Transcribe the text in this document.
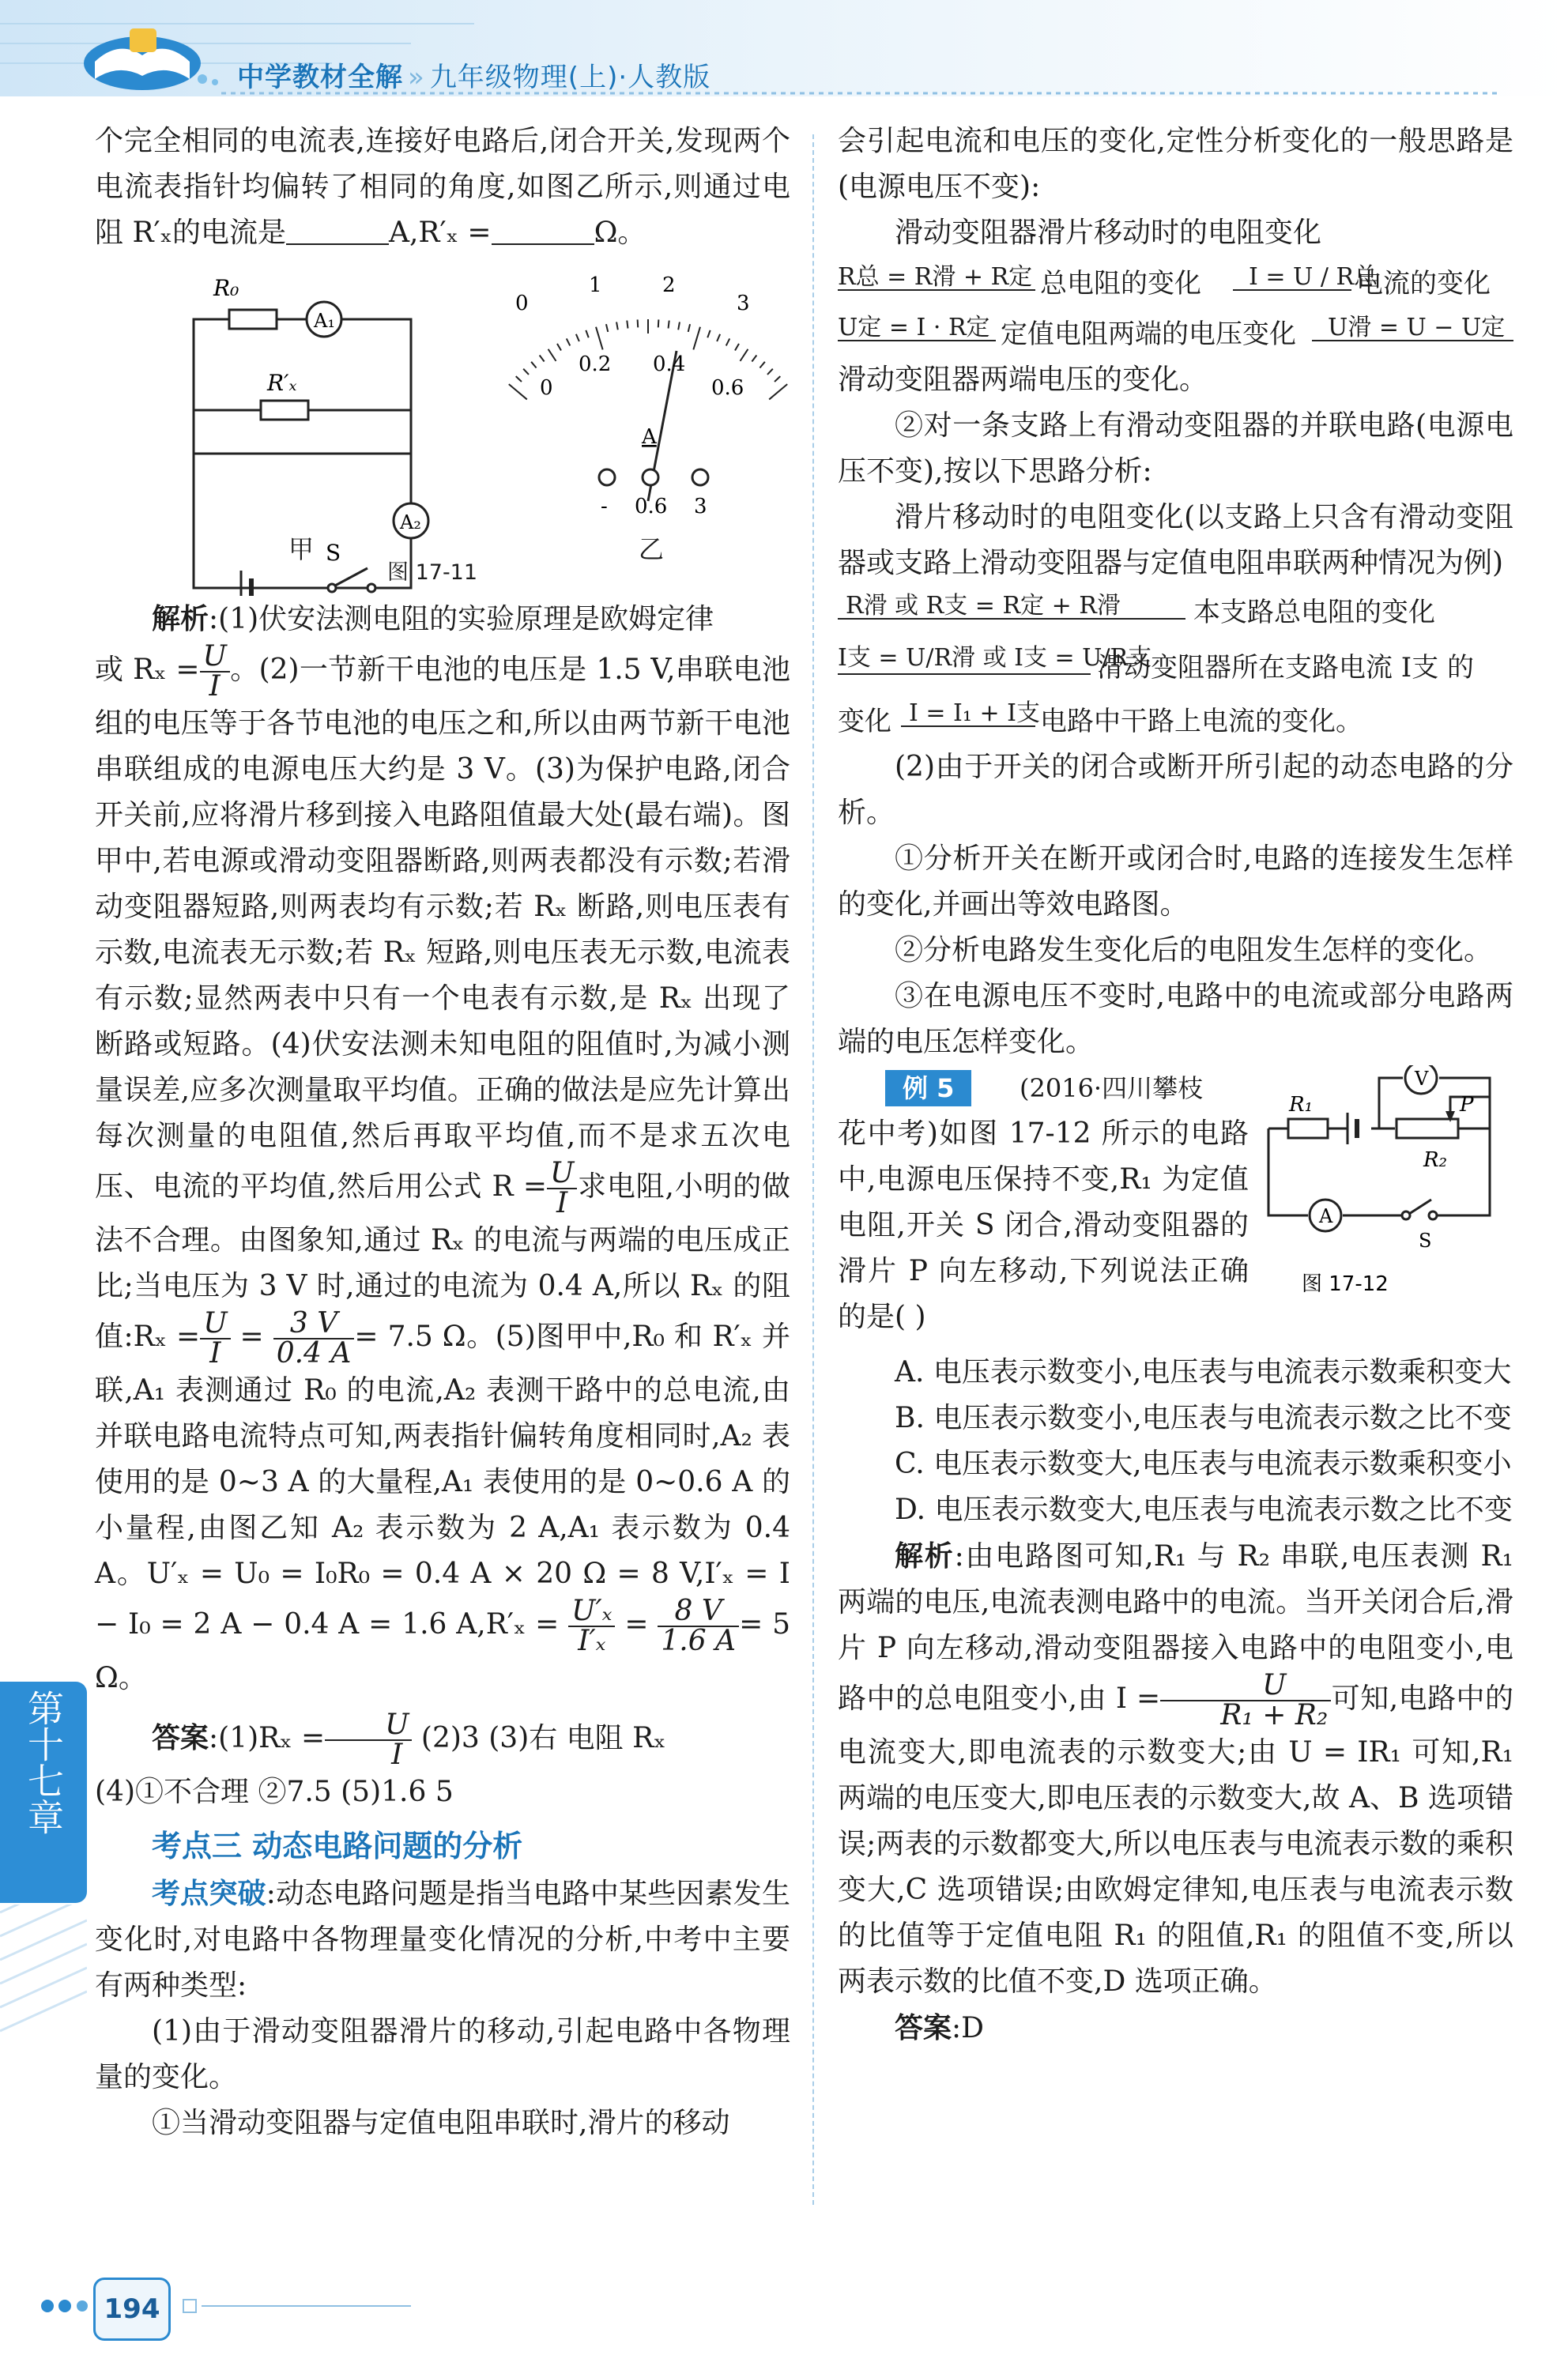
中学教材全解 » 九年级物理(上)·人教版

个完全相同的电流表,连接好电路后,闭合开关,发现两个电流表指针均偏转了相同的角度,如图乙所示,则通过电阻 R′ₓ的电流是	A,R′ₓ =	Ω。

R₀
A₁
R′ₓ
A₂
S
0
1	2
3
0
0.2 0.4
0.6
A
- 0.6 3
甲	乙
图 17-11

解析:(1)伏安法测电阻的实验原理是欧姆定律

或 $R_x = \frac{U}{I}$ 。(2)一节新干电池的电压是 1.5 V,串联电池组的电压等于各节电池的电压之和,所以由两节新干电池串联组成的电源电压大约是 3 V。(3)为保护电路,闭合开关前,应将滑片移到接入电路阻值最大处(最右端)。图甲中,若电源或滑动变阻器断路,则两表都没有示数;若滑动变阻器短路,则两表均有示数;若 Rₓ 断路,则电压表有示数,电流表无示数;若 Rₓ 短路,则电压表无示数,电流表有示数;显然两表中只有一个电表有示数,是 Rₓ 出现了断路或短路。(4)伏安法测未知电阻的阻值时,为减小测量误差,应多次测量取平均值。正确的做法是应先计算出每次测量的电阻值,然后再取平均值,而不是求五次电压、电流的平均值,然后用公式 $R = \frac{U}{I}$ 求电阻,小明的做法不合理。由图象知,通过 Rₓ 的电流与两端的电压成正比;当电压为 3 V 时,通过的电流为 0.4 A,所以 Rₓ 的阻值:Rₓ = $\frac{U}{I} = \frac{3 V}{0.4 A} = 7.5$ Ω。(5)图甲中,R₀ 和 R′ₓ 并联,A₁ 表测通过 R₀ 的电流,A₂ 表测干路中的总电流,由并联电路电流特点可知,两表指针偏转角度相同时,A₂ 表使用的是 0~3 A 的大量程,A₁ 表使用的是 0~0.6 A 的小量程,由图乙知 A₂ 表示数为 2 A,A₁ 表示数为 0.4 A。U′ₓ = U₀ = I₀R₀ = 0.4 A × 20 Ω = 8 V,I′ₓ = I − I₀ = 2 A − 0.4 A = 1.6 $A,R'_x = \frac{\text{U′ₓ}}{\text{I′ₓ}} = \frac{8 V}{1.6 A} = 5$ Ω。

答案:(1)Rₓ = $\frac{U}{I} (2)3$ (3)右 电阻 Rₓ

(4)①不合理 ②7.5 (5)1.6 5

考点三 动态电路问题的分析

考点突破:动态电路问题是指当电路中某些因素发生变化时,对电路中各物理量变化情况的分析,中考中主要有两种类型:

(1)由于滑动变阻器滑片的移动,引起电路中各物理量的变化。

①当滑动变阻器与定值电阻串联时,滑片的移动

会引起电流和电压的变化,定性分析变化的一般思路是(电源电压不变):

滑动变阻器滑片移动时的电阻变化

R总 = R滑 + R定 总电阻的变化 I = U / R总
电流的变化
U定 = I · R定 定值电阻两端的电压变化 U滑 = U − U定

滑动变阻器两端电压的变化。

②对一条支路上有滑动变阻器的并联电路(电源电压不变),按以下思路分析:

滑片移动时的电阻变化(以支路上只含有滑动变阻器或支路上滑动变阻器与定值电阻串联两种情况为例)

R滑 或 R支 = R定 + R滑	本支路总电阻的变化
I支 = U/R滑 或 I支 = U/R支
滑动变阻器所在支路电流 I支 的
变化 I = I₁ + I支 电路中干路上电流的变化。

(2)由于开关的闭合或断开所引起的动态电路的分析。

①分析开关在断开或闭合时,电路的连接发生怎样的变化,并画出等效电路图。

②分析电路发生变化后的电阻发生怎样的变化。

③在电源电压不变时,电路中的电流或部分电路两端的电压怎样变化。

例 5	(2016·四川攀枝
花中考)如图 17-12 所示的电路中,电源电压保持不变,R₁ 为定值电阻,开关 S 闭合,滑动变阻器的滑片 P 向左移动,下列说法正确的是( )
V
R₁	P
R₂
A
S
图 17-12

A. 电压表示数变小,电压表与电流表示数乘积变大

B. 电压表示数变小,电压表与电流表示数之比不变

C. 电压表示数变大,电压表与电流表示数乘积变小

D. 电压表示数变大,电压表与电流表示数之比不变

解析:由电路图可知,R₁ 与 R₂ 串联,电压表测 R₁ 两端的电压,电流表测电路中的电流。当开关闭合后,滑片 P 向左移动,滑动变阻器接入电路中的电阻变小,电路中的总电阻变小,由 $I = \frac{U}{\text{R₁ + R₂}}$ 可知,电路中的电流变大,即电流表的示数变大;由 U = IR₁ 可知,R₁ 两端的电压变大,即电压表的示数变大,故 A、B 选项错误;两表的示数都变大,所以电压表与电流表示数的乘积变大,C 选项错误;由欧姆定律知,电压表与电流表示数的比值等于定值电阻 R₁ 的阻值,R₁ 的阻值不变,所以两表示数的比值不变,D 选项正确。

答案:D

第十七章
194
